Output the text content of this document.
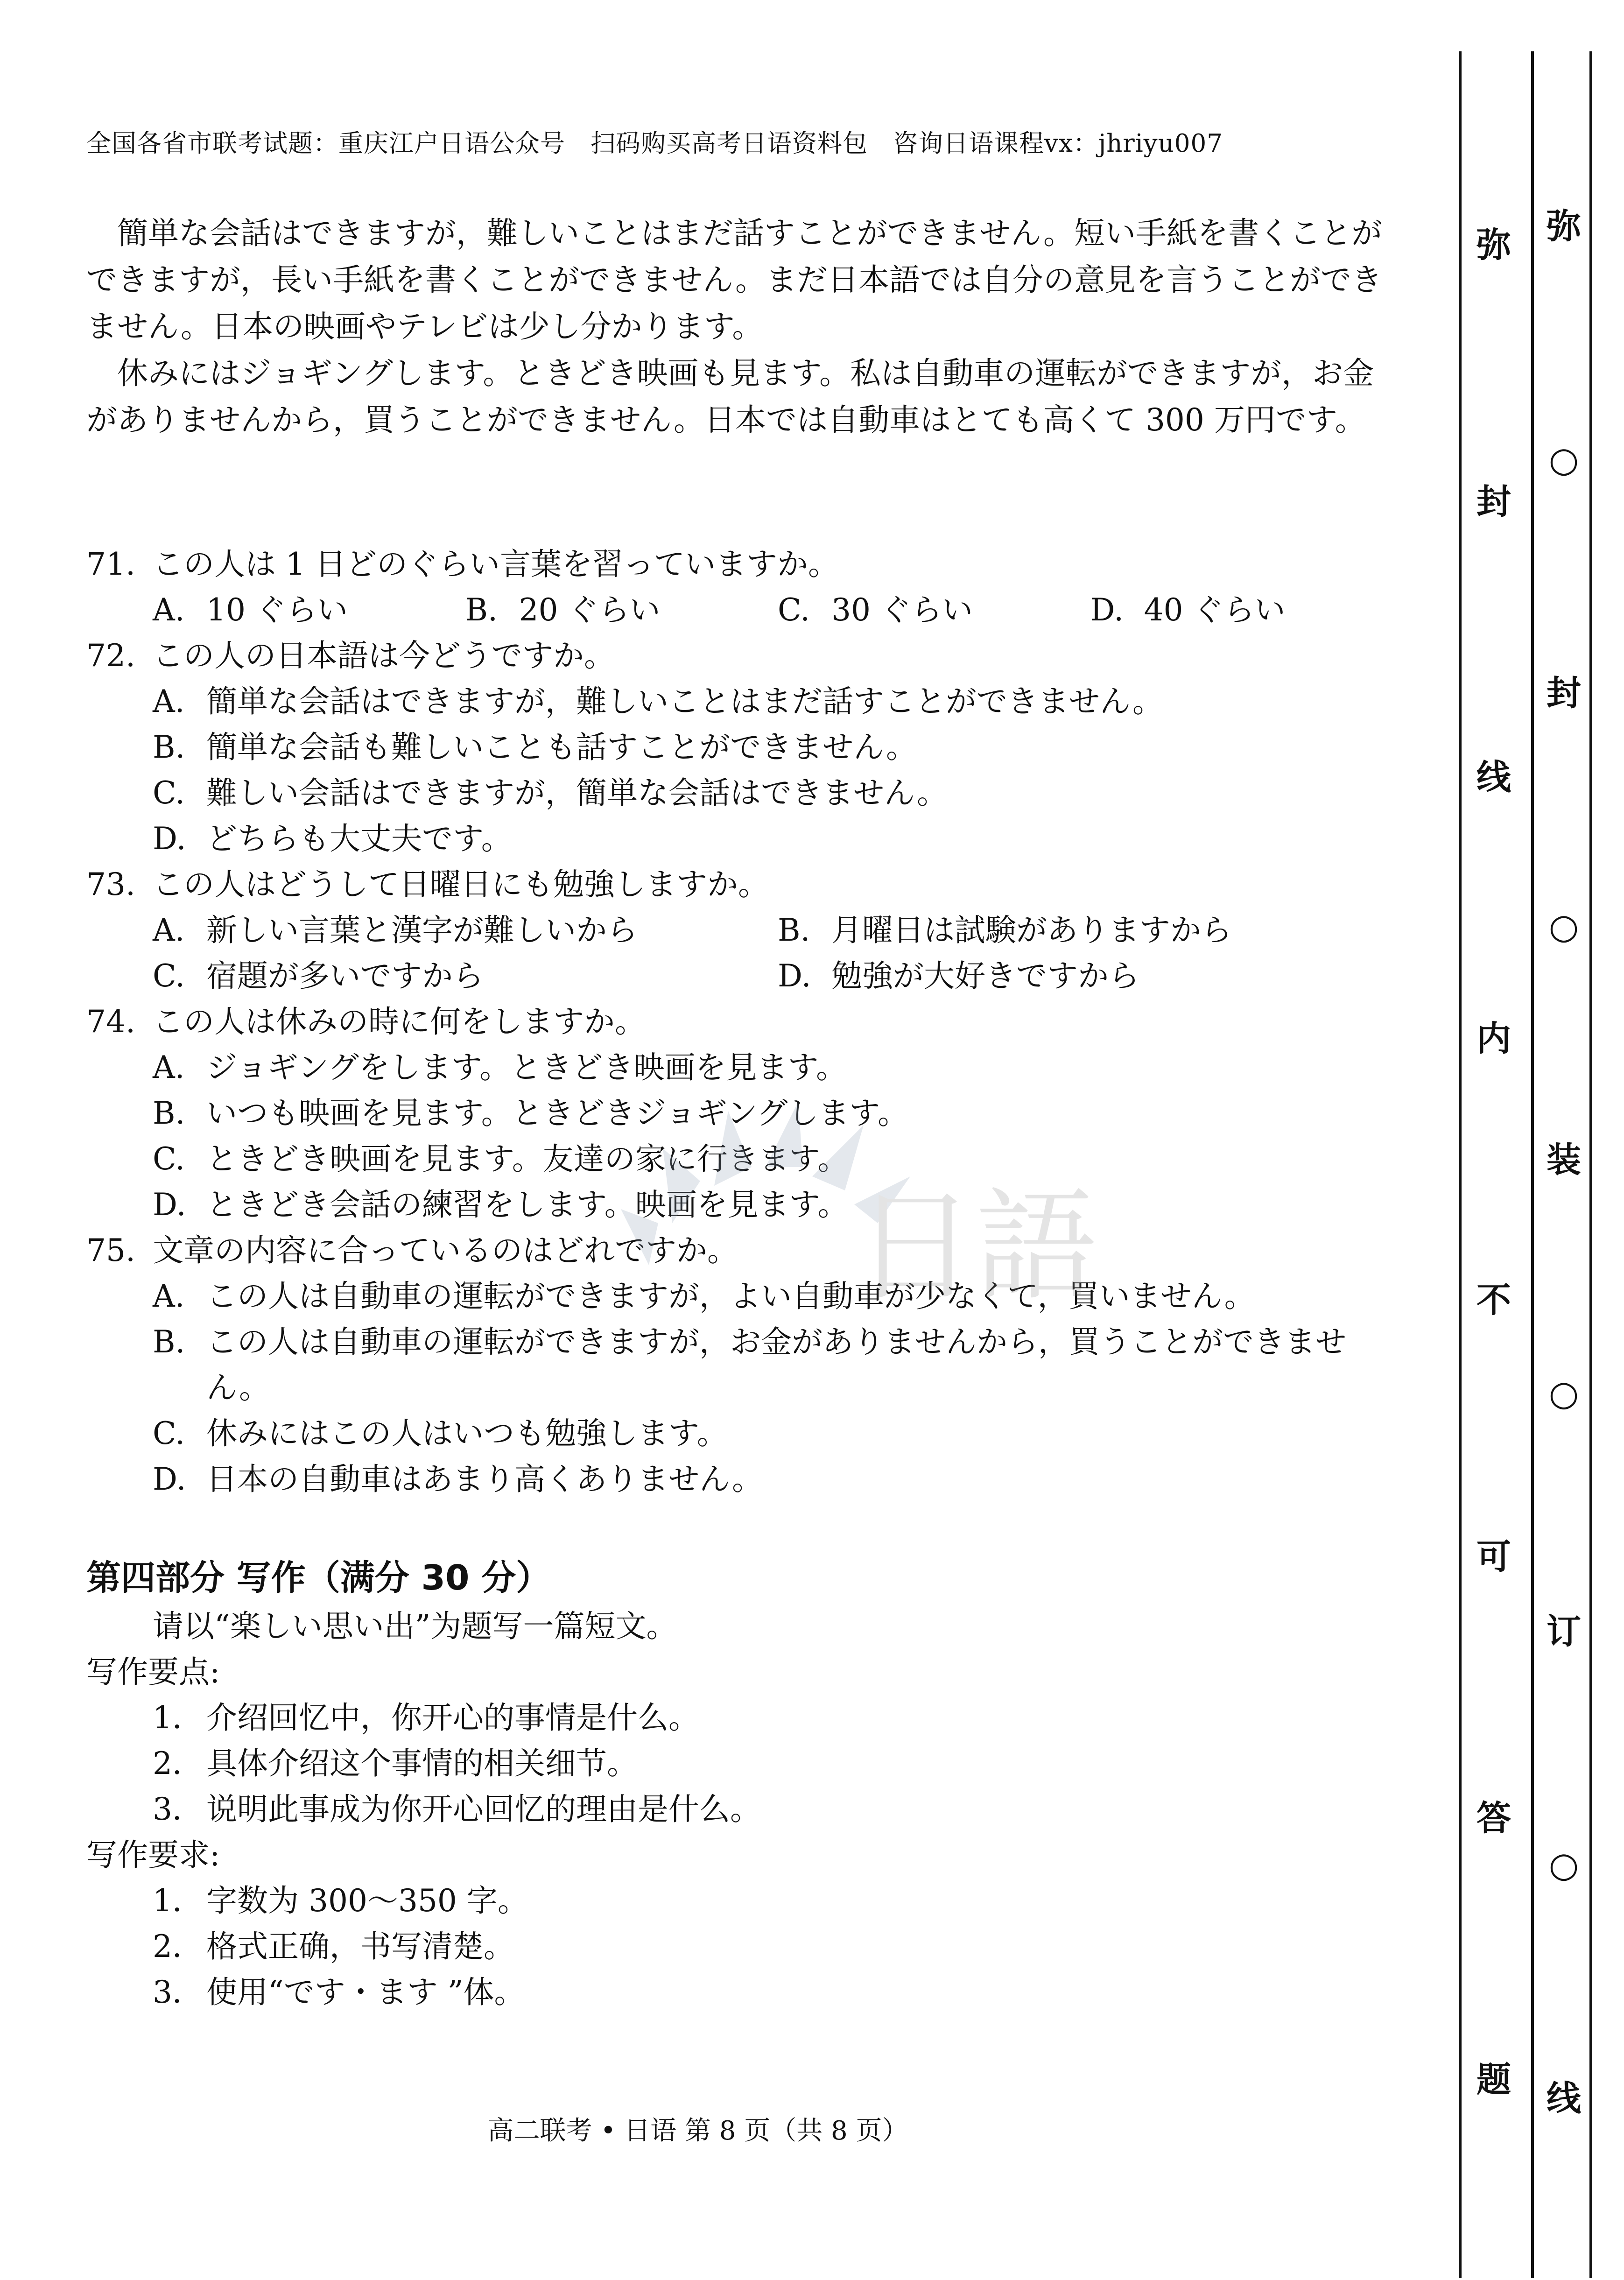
全国各省市联考试题：重庆江户日语公众号　扫码购买高考日语资料包　咨询日语课程vx：jhriyu007

簡単な会話はできますが，難しいことはまだ話すことができません。短い手紙を書くことができますが，長い手紙を書くことができません。まだ日本語では自分の意見を言うことができません。日本の映画やテレビは少し分かります。

休みにはジョギングします。ときどき映画も見ます。私は自動車の運転ができますが，お金がありませんから，買うことができません。日本では自動車はとても高くて 300 万円です。

71. この人は 1 日どのぐらい言葉を習っていますか。
A. 10 ぐらい	B. 20 ぐらい	C. 30 ぐらい	D. 40 ぐらい
72. この人の日本語は今どうですか。
A. 簡単な会話はできますが，難しいことはまだ話すことができません。
B. 簡単な会話も難しいことも話すことができません。
C. 難しい会話はできますが，簡単な会話はできません。
D. どちらも大丈夫です。
73. この人はどうして日曜日にも勉強しますか。
A. 新しい言葉と漢字が難しいから	B. 月曜日は試験がありますから
C. 宿題が多いですから	D. 勉強が大好きですから
74. この人は休みの時に何をしますか。
A. ジョギングをします。ときどき映画を見ます。
B. いつも映画を見ます。ときどきジョギングします。
C. ときどき映画を見ます。友達の家に行きます。
D. ときどき会話の練習をします。映画を見ます。
75. 文章の内容に合っているのはどれですか。
A. この人は自動車の運転ができますが，よい自動車が少なくて，買いません。
B. この人は自動車の運転ができますが，お金がありませんから，買うことができません。
C. 休みにはこの人はいつも勉強します。
D. 日本の自動車はあまり高くありません。

第四部分 写作（满分 30 分）

请以“楽しい思い出”为题写一篇短文。

写作要点:

1． 介绍回忆中，你开心的事情是什么。
2． 具体介绍这个事情的相关细节。
3． 说明此事成为你开心回忆的理由是什么。

写作要求:

1． 字数为 300～350 字。
2． 格式正确，书写清楚。
3． 使用“です・ます ”体。
高二联考 • 日语 第 8 页（共 8 页）
日語
弥
封
线
内
不
可
答
题
弥
○
封
○
装
○
订
○
线
